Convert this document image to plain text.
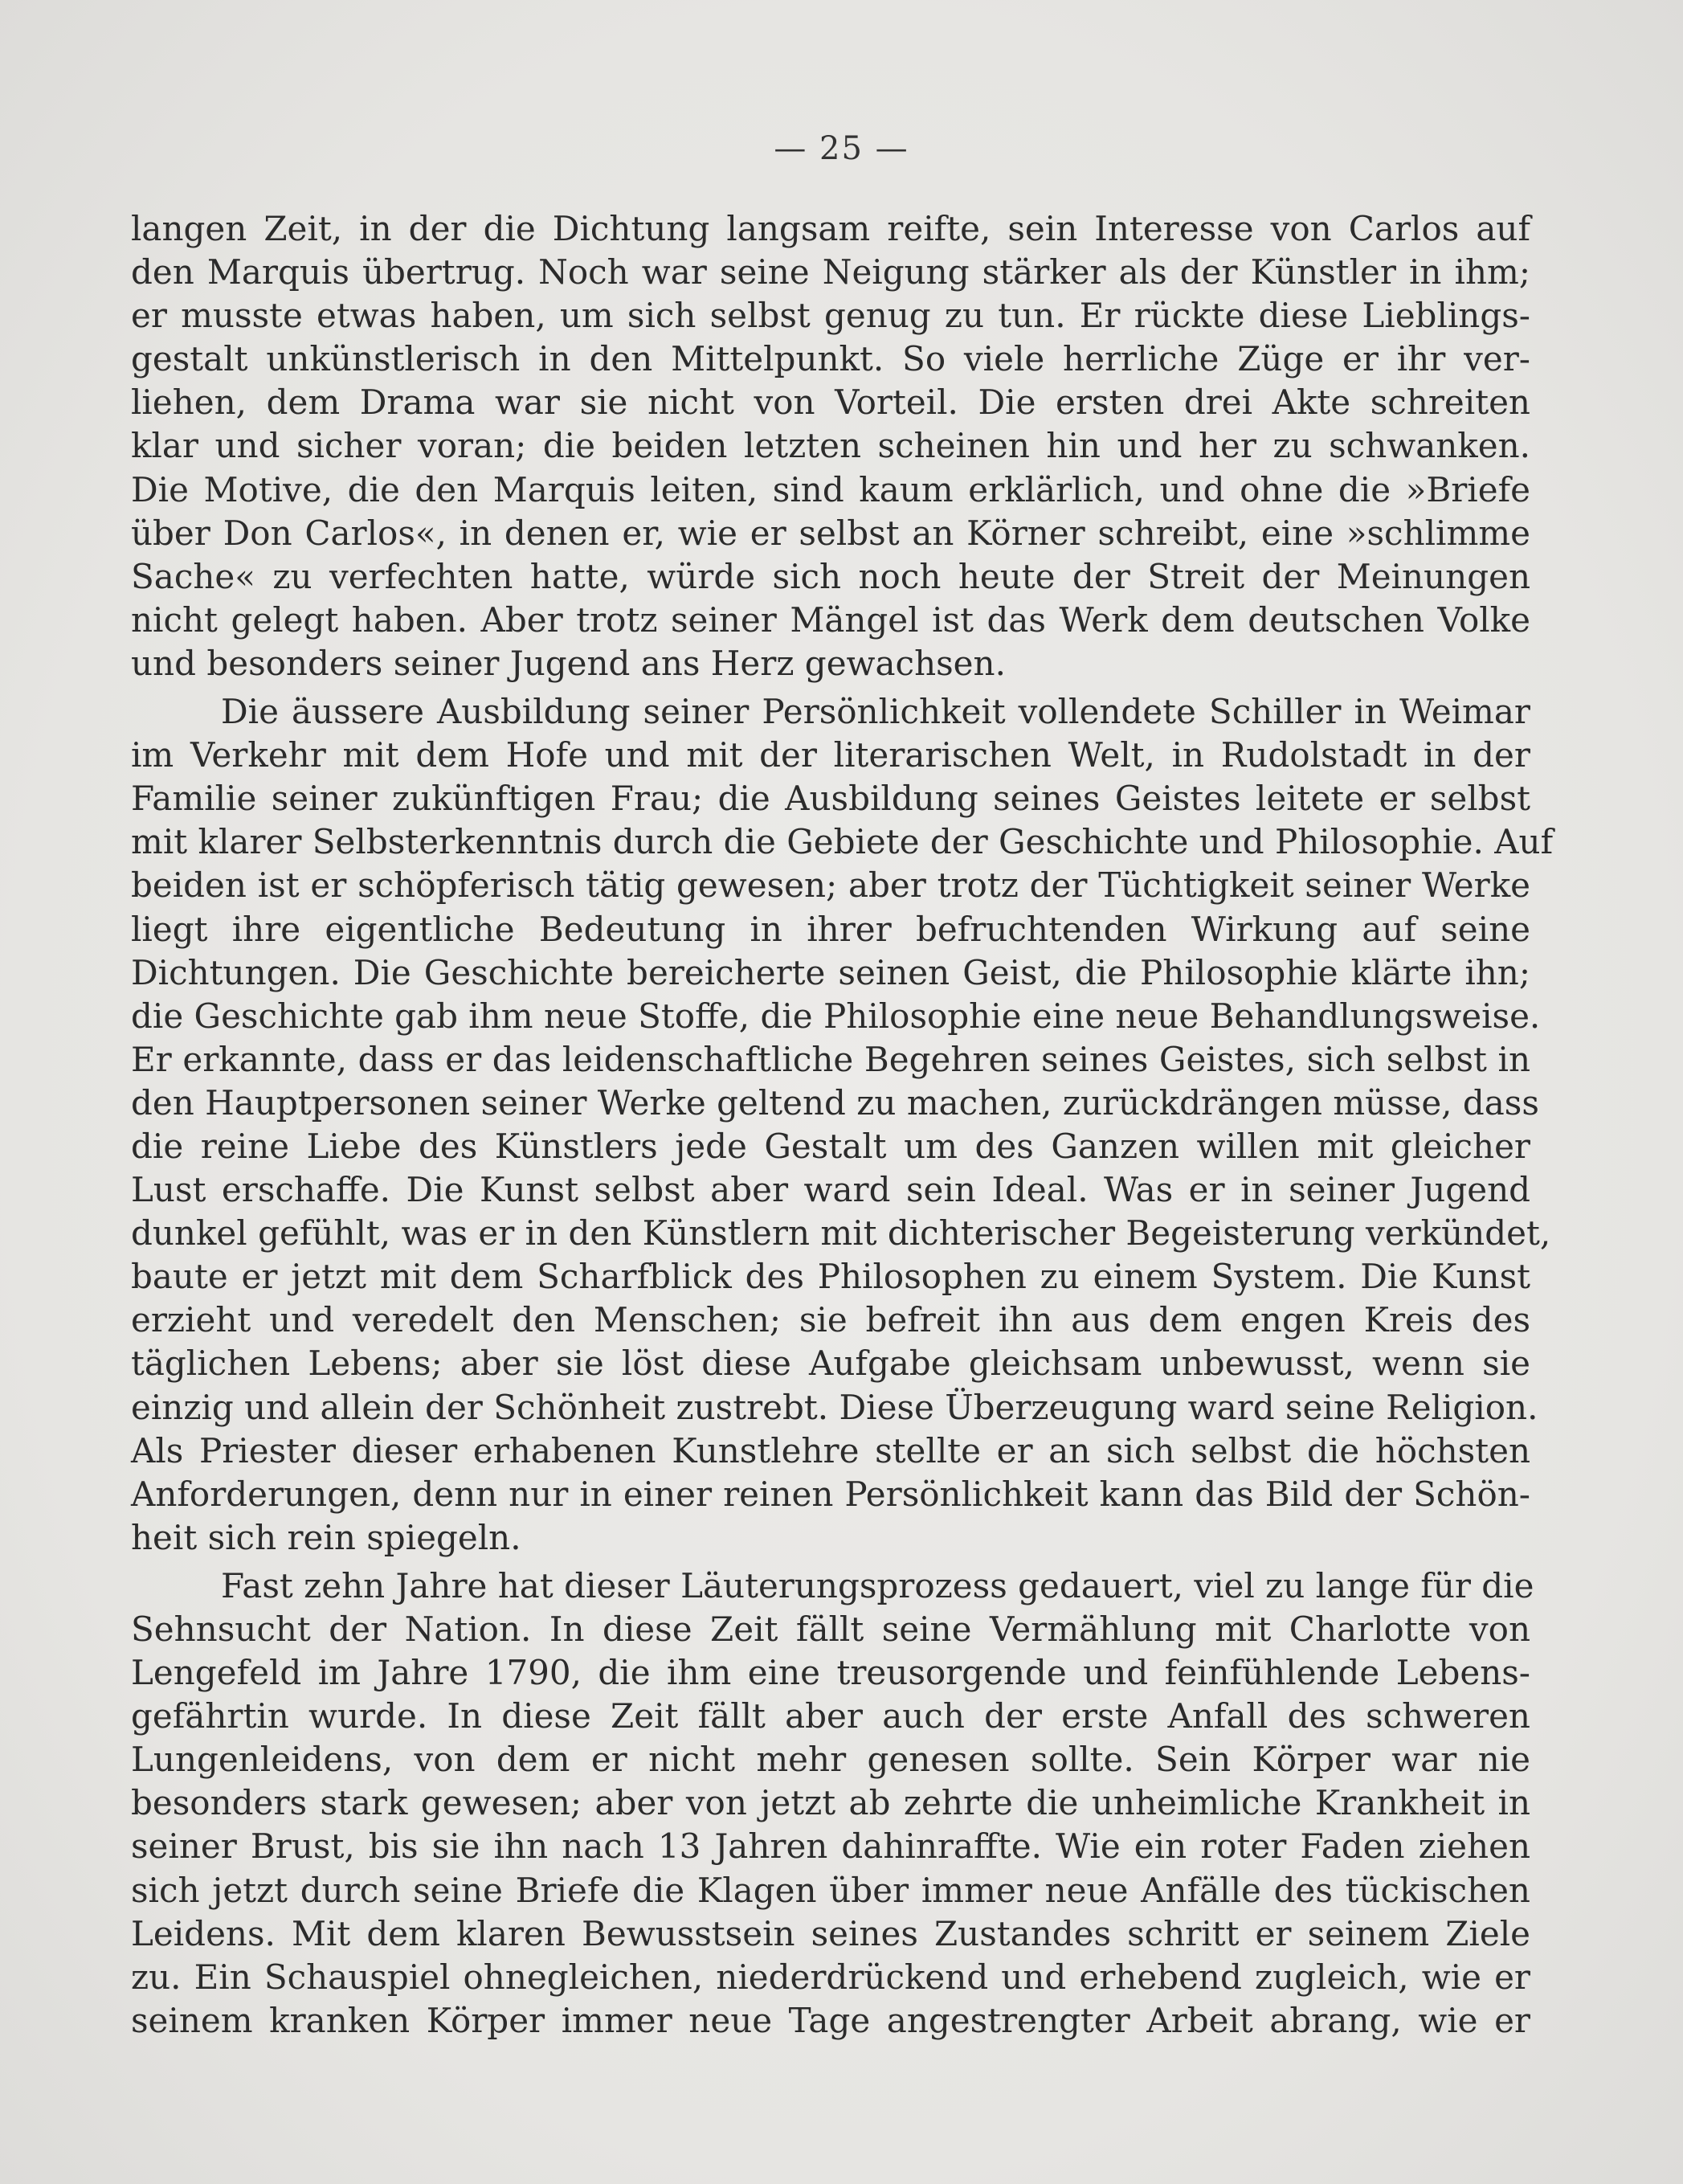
— 25 —
langen Zeit, in der die Dichtung langsam reifte, sein Interesse von Carlos auf
den Marquis übertrug. Noch war seine Neigung stärker als der Künstler in ihm;
er musste etwas haben, um sich selbst genug zu tun. Er rückte diese Lieblings-
gestalt unkünstlerisch in den Mittelpunkt. So viele herrliche Züge er ihr ver-
liehen, dem Drama war sie nicht von Vorteil. Die ersten drei Akte schreiten
klar und sicher voran; die beiden letzten scheinen hin und her zu schwanken.
Die Motive, die den Marquis leiten, sind kaum erklärlich, und ohne die »Briefe
über Don Carlos«, in denen er, wie er selbst an Körner schreibt, eine »schlimme
Sache« zu verfechten hatte, würde sich noch heute der Streit der Meinungen
nicht gelegt haben. Aber trotz seiner Mängel ist das Werk dem deutschen Volke
und besonders seiner Jugend ans Herz gewachsen.
Die äussere Ausbildung seiner Persönlichkeit vollendete Schiller in Weimar
im Verkehr mit dem Hofe und mit der literarischen Welt, in Rudolstadt in der
Familie seiner zukünftigen Frau; die Ausbildung seines Geistes leitete er selbst
mit klarer Selbsterkenntnis durch die Gebiete der Geschichte und Philosophie. Auf
beiden ist er schöpferisch tätig gewesen; aber trotz der Tüchtigkeit seiner Werke
liegt ihre eigentliche Bedeutung in ihrer befruchtenden Wirkung auf seine
Dichtungen. Die Geschichte bereicherte seinen Geist, die Philosophie klärte ihn;
die Geschichte gab ihm neue Stoffe, die Philosophie eine neue Behandlungsweise.
Er erkannte, dass er das leidenschaftliche Begehren seines Geistes, sich selbst in
den Hauptpersonen seiner Werke geltend zu machen, zurückdrängen müsse, dass
die reine Liebe des Künstlers jede Gestalt um des Ganzen willen mit gleicher
Lust erschaffe. Die Kunst selbst aber ward sein Ideal. Was er in seiner Jugend
dunkel gefühlt, was er in den Künstlern mit dichterischer Begeisterung verkündet,
baute er jetzt mit dem Scharfblick des Philosophen zu einem System. Die Kunst
erzieht und veredelt den Menschen; sie befreit ihn aus dem engen Kreis des
täglichen Lebens; aber sie löst diese Aufgabe gleichsam unbewusst, wenn sie
einzig und allein der Schönheit zustrebt. Diese Überzeugung ward seine Religion.
Als Priester dieser erhabenen Kunstlehre stellte er an sich selbst die höchsten
Anforderungen, denn nur in einer reinen Persönlichkeit kann das Bild der Schön-
heit sich rein spiegeln.
Fast zehn Jahre hat dieser Läuterungsprozess gedauert, viel zu lange für die
Sehnsucht der Nation. In diese Zeit fällt seine Vermählung mit Charlotte von
Lengefeld im Jahre 1790, die ihm eine treusorgende und feinfühlende Lebens-
gefährtin wurde. In diese Zeit fällt aber auch der erste Anfall des schweren
Lungenleidens, von dem er nicht mehr genesen sollte. Sein Körper war nie
besonders stark gewesen; aber von jetzt ab zehrte die unheimliche Krankheit in
seiner Brust, bis sie ihn nach 13 Jahren dahinraffte. Wie ein roter Faden ziehen
sich jetzt durch seine Briefe die Klagen über immer neue Anfälle des tückischen
Leidens. Mit dem klaren Bewusstsein seines Zustandes schritt er seinem Ziele
zu. Ein Schauspiel ohnegleichen, niederdrückend und erhebend zugleich, wie er
seinem kranken Körper immer neue Tage angestrengter Arbeit abrang, wie er
